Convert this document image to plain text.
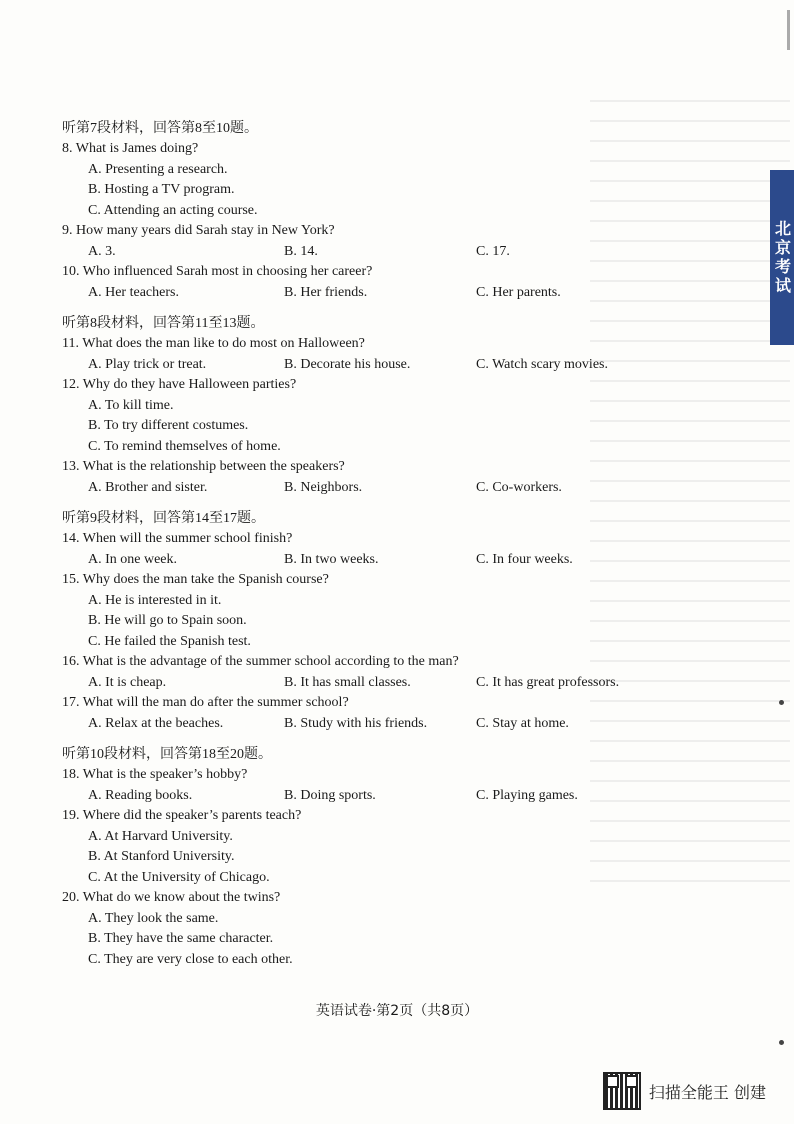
北京考试
听第7段材料，回答第8至10题。
8. What is James doing?
A. Presenting a research.
B. Hosting a TV program.
C. Attending an acting course.
9. How many years did Sarah stay in New York?
A. 3.	B. 14.	C. 17.
10. Who influenced Sarah most in choosing her career?
A. Her teachers.	B. Her friends.	C. Her parents.
听第8段材料，回答第11至13题。
11. What does the man like to do most on Halloween?
A. Play trick or treat.	B. Decorate his house.	C. Watch scary movies.
12. Why do they have Halloween parties?
A. To kill time.
B. To try different costumes.
C. To remind themselves of home.
13. What is the relationship between the speakers?
A. Brother and sister.	B. Neighbors.	C. Co-workers.
听第9段材料，回答第14至17题。
14. When will the summer school finish?
A. In one week.	B. In two weeks.	C. In four weeks.
15. Why does the man take the Spanish course?
A. He is interested in it.
B. He will go to Spain soon.
C. He failed the Spanish test.
16. What is the advantage of the summer school according to the man?
A. It is cheap.	B. It has small classes.	C. It has great professors.
17. What will the man do after the summer school?
A. Relax at the beaches.	B. Study with his friends.	C. Stay at home.
听第10段材料，回答第18至20题。
18. What is the speaker’s hobby?
A. Reading books.	B. Doing sports.	C. Playing games.
19. Where did the speaker’s parents teach?
A. At Harvard University.
B. At Stanford University.
C. At the University of Chicago.
20. What do we know about the twins?
A. They look the same.
B. They have the same character.
C. They are very close to each other.
英语试卷·第2页（共8页）
扫描全能王 创建
